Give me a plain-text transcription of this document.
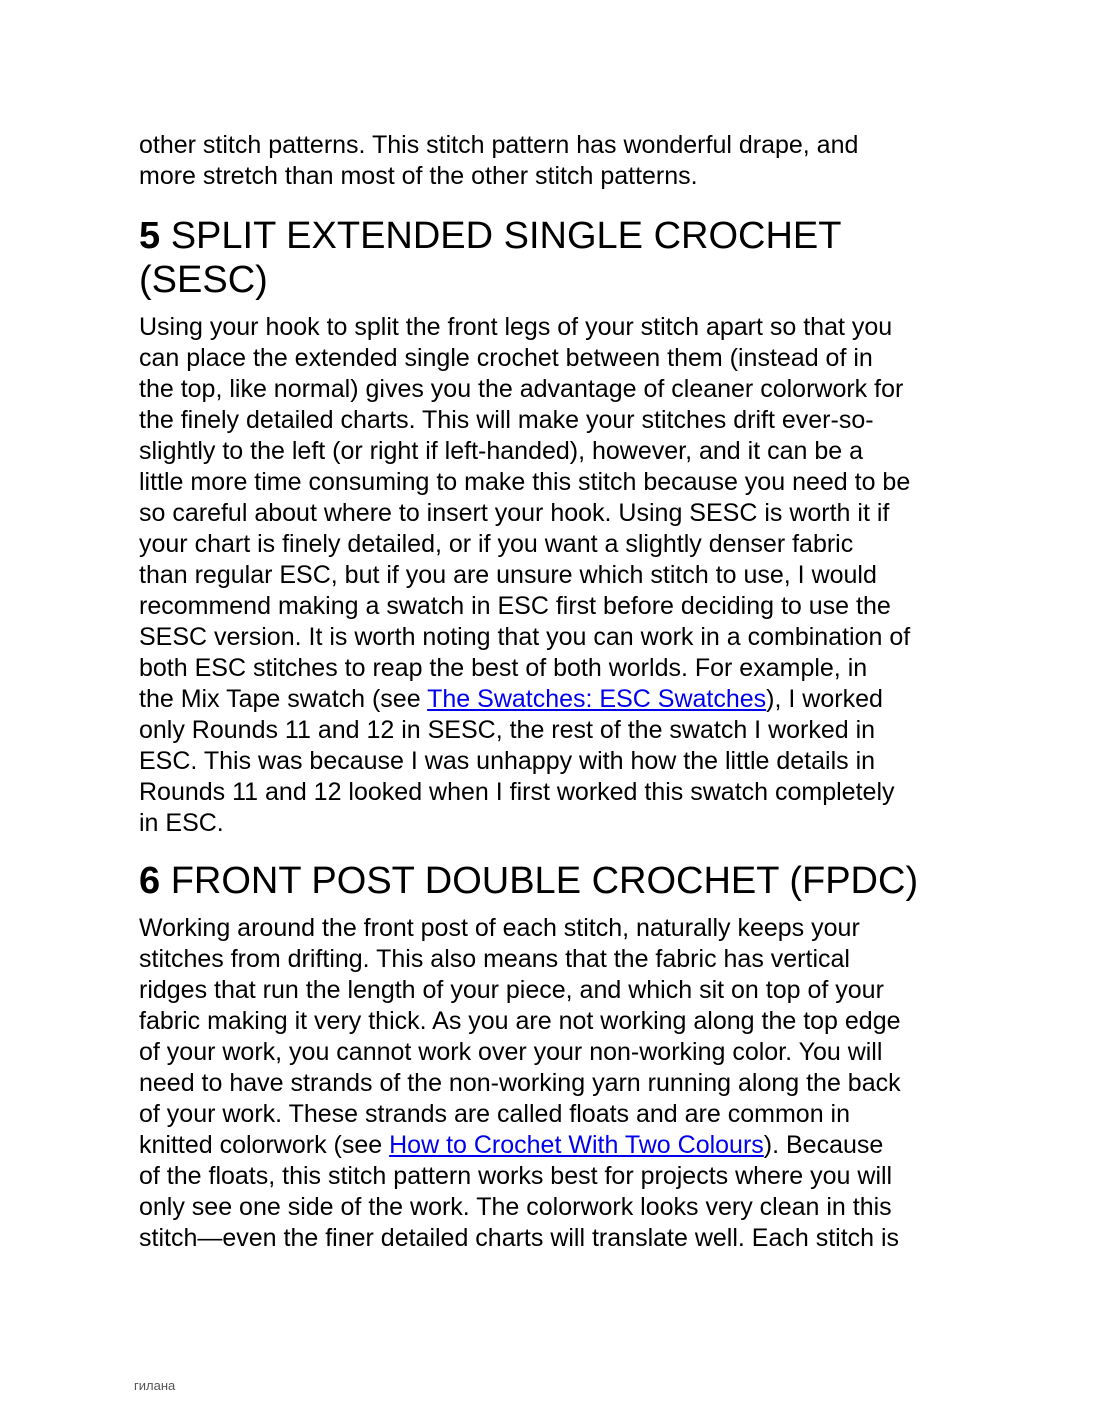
other stitch patterns. This stitch pattern has wonderful drape, and
more stretch than most of the other stitch patterns.

5 SPLIT EXTENDED SINGLE CROCHET
(SESC)

Using your hook to split the front legs of your stitch apart so that you
can place the extended single crochet between them (instead of in
the top, like normal) gives you the advantage of cleaner colorwork for
the finely detailed charts. This will make your stitches drift ever-so-
slightly to the left (or right if left-handed), however, and it can be a
little more time consuming to make this stitch because you need to be
so careful about where to insert your hook. Using SESC is worth it if
your chart is finely detailed, or if you want a slightly denser fabric
than regular ESC, but if you are unsure which stitch to use, I would
recommend making a swatch in ESC first before deciding to use the
SESC version. It is worth noting that you can work in a combination of
both ESC stitches to reap the best of both worlds. For example, in
the Mix Tape swatch (see The Swatches: ESC Swatches), I worked
only Rounds 11 and 12 in SESC, the rest of the swatch I worked in
ESC. This was because I was unhappy with how the little details in
Rounds 11 and 12 looked when I first worked this swatch completely
in ESC.

6 FRONT POST DOUBLE CROCHET (FPDC)

Working around the front post of each stitch, naturally keeps your
stitches from drifting. This also means that the fabric has vertical
ridges that run the length of your piece, and which sit on top of your
fabric making it very thick. As you are not working along the top edge
of your work, you cannot work over your non-working color. You will
need to have strands of the non-working yarn running along the back
of your work. These strands are called floats and are common in
knitted colorwork (see How to Crochet With Two Colours). Because
of the floats, this stitch pattern works best for projects where you will
only see one side of the work. The colorwork looks very clean in this
stitch—even the finer detailed charts will translate well. Each stitch is

гилана
